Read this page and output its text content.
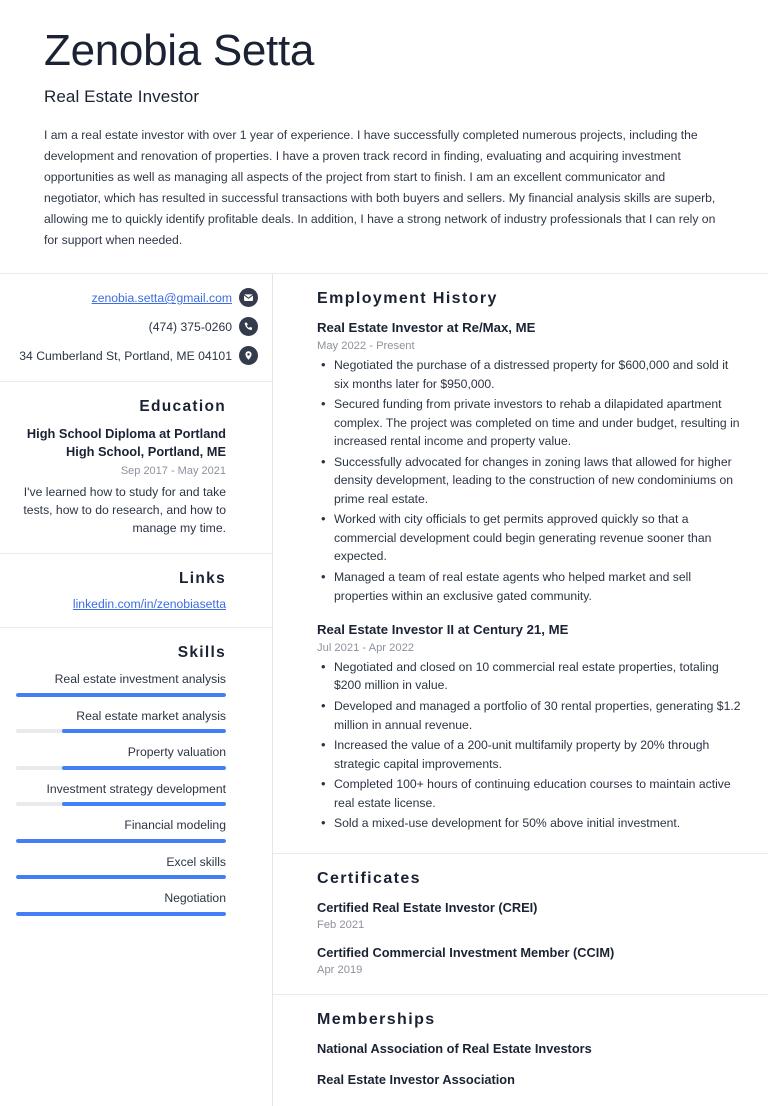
Zenobia Setta
Real Estate Investor
I am a real estate investor with over 1 year of experience. I have successfully completed numerous projects, including the development and renovation of properties. I have a proven track record in finding, evaluating and acquiring investment opportunities as well as managing all aspects of the project from start to finish. I am an excellent communicator and negotiator, which has resulted in successful transactions with both buyers and sellers. My financial analysis skills are superb, allowing me to quickly identify profitable deals. In addition, I have a strong network of industry professionals that I can rely on for support when needed.
zenobia.setta@gmail.com
(474) 375-0260
34 Cumberland St, Portland, ME 04101
Education
High School Diploma at Portland High School, Portland, ME
Sep 2017 - May 2021
I've learned how to study for and take tests, how to do research, and how to manage my time.
Links
linkedin.com/in/zenobiasetta
Skills
Real estate investment analysis
Real estate market analysis
Property valuation
Investment strategy development
Financial modeling
Excel skills
Negotiation
Employment History
Real Estate Investor at Re/Max, ME
May 2022 - Present
• Negotiated the purchase of a distressed property for $600,000 and sold it six months later for $950,000.
• Secured funding from private investors to rehab a dilapidated apartment complex. The project was completed on time and under budget, resulting in increased rental income and property value.
• Successfully advocated for changes in zoning laws that allowed for higher density development, leading to the construction of new condominiums on prime real estate.
• Worked with city officials to get permits approved quickly so that a commercial development could begin generating revenue sooner than expected.
• Managed a team of real estate agents who helped market and sell properties within an exclusive gated community.
Real Estate Investor II at Century 21, ME
Jul 2021 - Apr 2022
• Negotiated and closed on 10 commercial real estate properties, totaling $200 million in value.
• Developed and managed a portfolio of 30 rental properties, generating $1.2 million in annual revenue.
• Increased the value of a 200-unit multifamily property by 20% through strategic capital improvements.
• Completed 100+ hours of continuing education courses to maintain active real estate license.
• Sold a mixed-use development for 50% above initial investment.
Certificates
Certified Real Estate Investor (CREI)
Feb 2021
Certified Commercial Investment Member (CCIM)
Apr 2019
Memberships
National Association of Real Estate Investors
Real Estate Investor Association
